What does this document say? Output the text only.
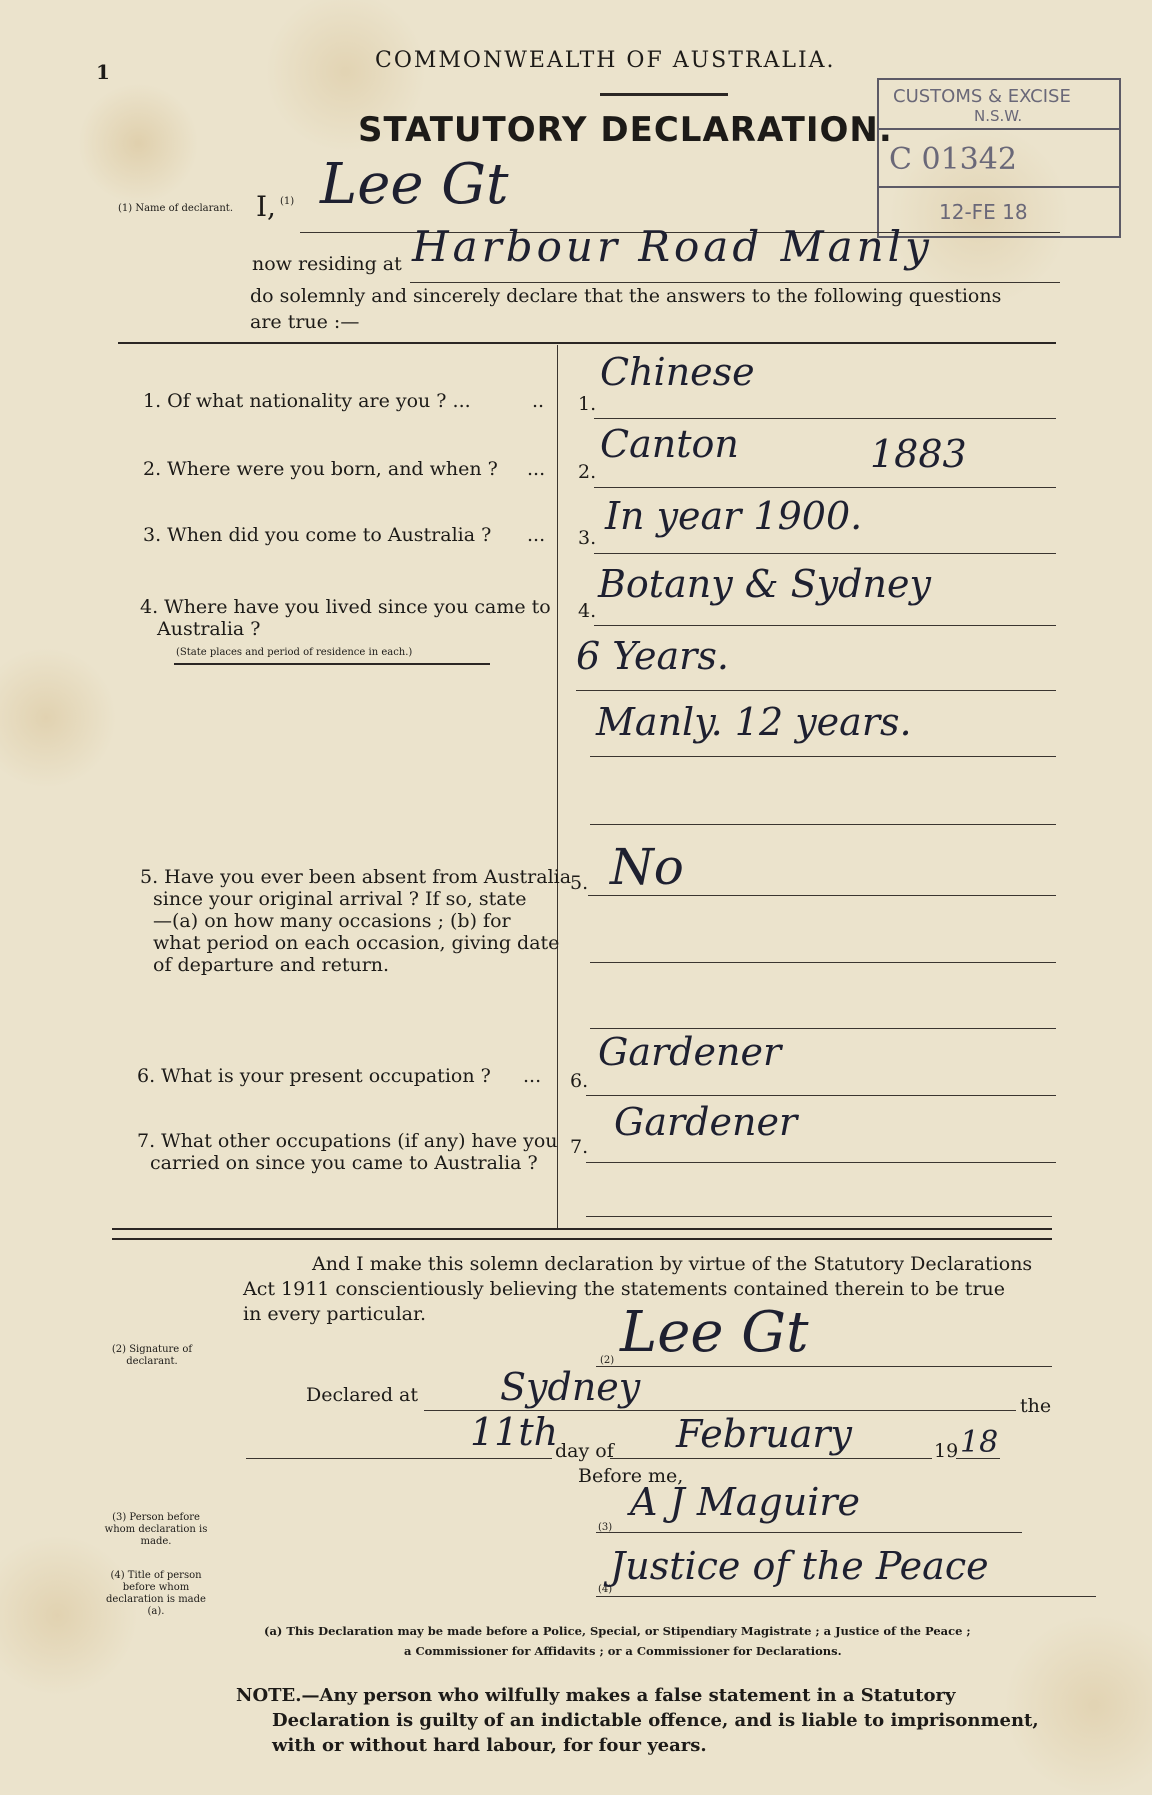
1	COMMONWEALTH OF AUSTRALIA.
STATUTORY DECLARATION.
CUSTOMS & EXCISE
N.S.W.
C 01342
12-FE 18
(1) Name of declarant. I, (1) Lee Gt
now residing at Harbour Road Manly
do solemnly and sincerely declare that the answers to the following questions
are true :—
1. Of what nationality are you ? ...	.. 1.
Chinese
2. Where were you born, and when ? ... 2.
Canton	1883
3. When did you come to Australia ? ... 3. In year 1900.
4. Where have you lived since you came to
Australia ?
(State places and period of residence in each.)
4.
Botany & Sydney
6 Years.
Manly. 12 years.
5. Have you ever been absent from Australia
since your original arrival ? If so, state
—(a) on how many occasions ; (b) for
what period on each occasion, giving date
of departure and return.
5. No
6. What is your present occupation ? ... 6.
Gardener
7. What other occupations (if any) have you
carried on since you came to Australia ?
7.
Gardener
And I make this solemn declaration by virtue of the Statutory Declarations
Act 1911 conscientiously believing the statements contained therein to be true
in every particular.
(2) Signature of declarant.	(2) Lee Gt
Declared at Sydney	the
11th
day of February	19 18
Before me,
(3) Person before whom declaration is made.
(3)
A J Maguire
(4) Title of person before whom declaration is made (a).
(4)
Justice of the Peace
(a) This Declaration may be made before a Police, Special, or Stipendiary Magistrate ; a Justice of the Peace ;
a Commissioner for Affidavits ; or a Commissioner for Declarations.
NOTE.—Any person who wilfully makes a false statement in a Statutory
Declaration is guilty of an indictable offence, and is liable to imprisonment,
with or without hard labour, for four years.
